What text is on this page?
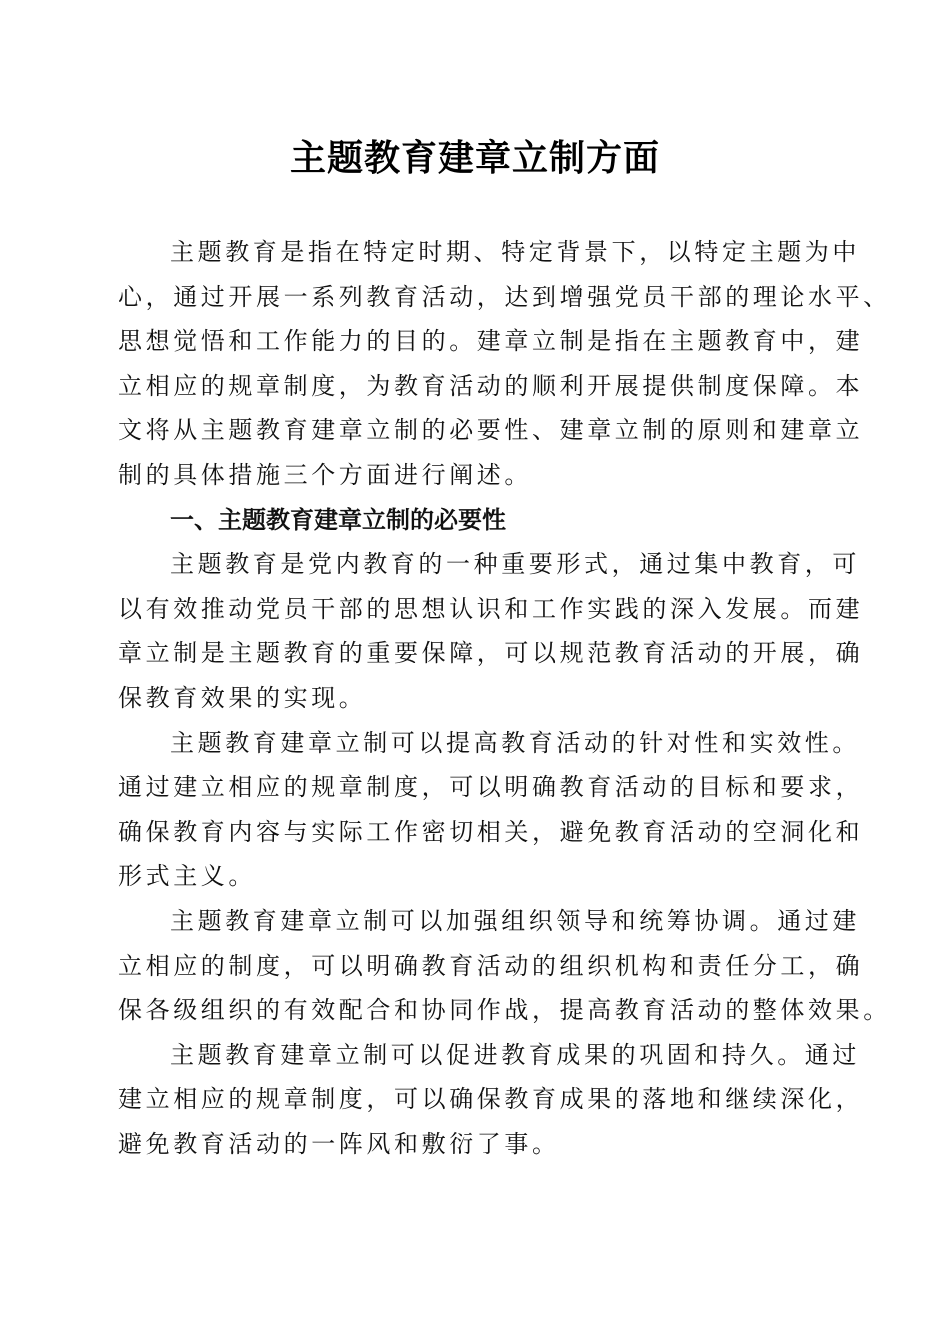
主题教育建章立制方面
主题教育是指在特定时期、特定背景下，以特定主题为中
心，通过开展一系列教育活动，达到增强党员干部的理论水平、
思想觉悟和工作能力的目的。建章立制是指在主题教育中，建
立相应的规章制度，为教育活动的顺利开展提供制度保障。本
文将从主题教育建章立制的必要性、建章立制的原则和建章立
制的具体措施三个方面进行阐述。
一、主题教育建章立制的必要性
主题教育是党内教育的一种重要形式，通过集中教育，可
以有效推动党员干部的思想认识和工作实践的深入发展。而建
章立制是主题教育的重要保障，可以规范教育活动的开展，确
保教育效果的实现。
主题教育建章立制可以提高教育活动的针对性和实效性。
通过建立相应的规章制度，可以明确教育活动的目标和要求，
确保教育内容与实际工作密切相关，避免教育活动的空洞化和
形式主义。
主题教育建章立制可以加强组织领导和统筹协调。通过建
立相应的制度，可以明确教育活动的组织机构和责任分工，确
保各级组织的有效配合和协同作战，提高教育活动的整体效果。
主题教育建章立制可以促进教育成果的巩固和持久。通过
建立相应的规章制度，可以确保教育成果的落地和继续深化，
避免教育活动的一阵风和敷衍了事。
